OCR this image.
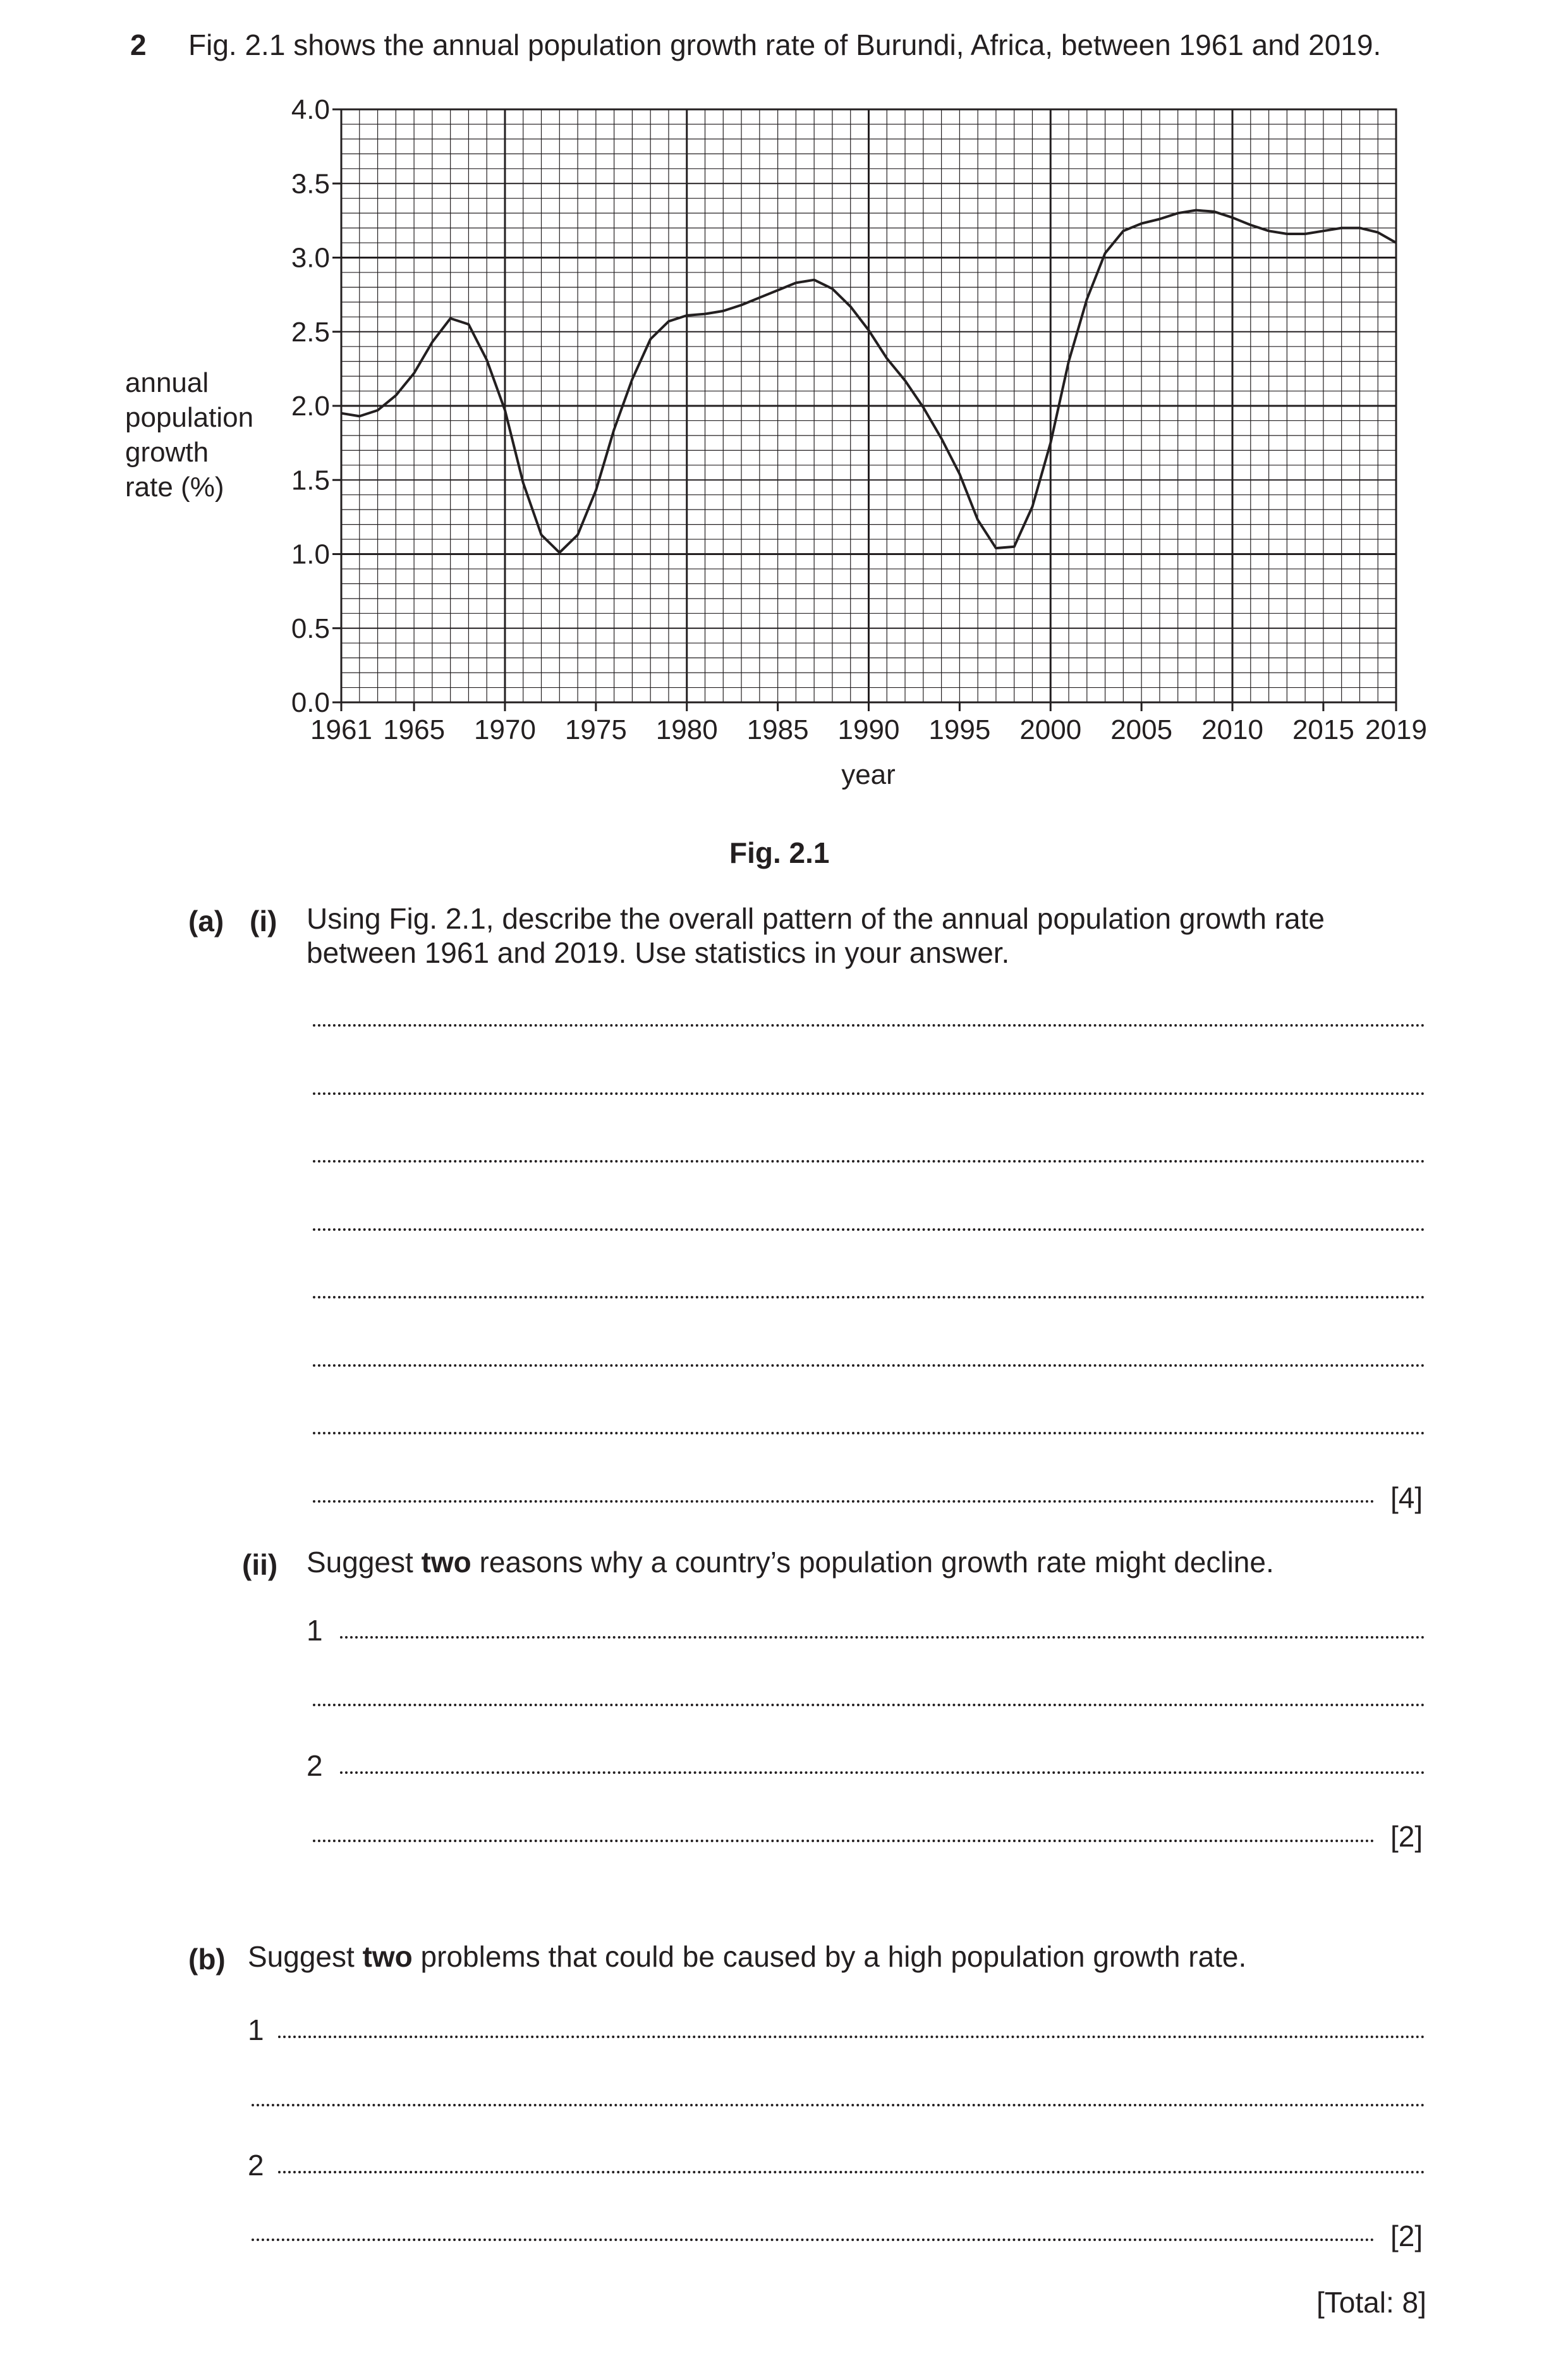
2 Fig. 2.1 shows the annual population growth rate of Burundi, Africa, between 1961 and 2019.
annual
population
growth
rate (%)
0.0
0.5
1.0
1.5
2.0
2.5
3.0
3.5
4.0
1961 1965 1970 1975 1980 1985 1990 1995 2000 2005 2010 2015 2019
year
Fig. 2.1
(a) (i) Using Fig. 2.1, describe the overall pattern of the annual population growth rate between 1961 and 2019. Use statistics in your answer.
[4]
(ii) Suggest two reasons why a country’s population growth rate might decline.
1
2
[2]
(b) Suggest two problems that could be caused by a high population growth rate.
1
2
[2]
[Total: 8]
